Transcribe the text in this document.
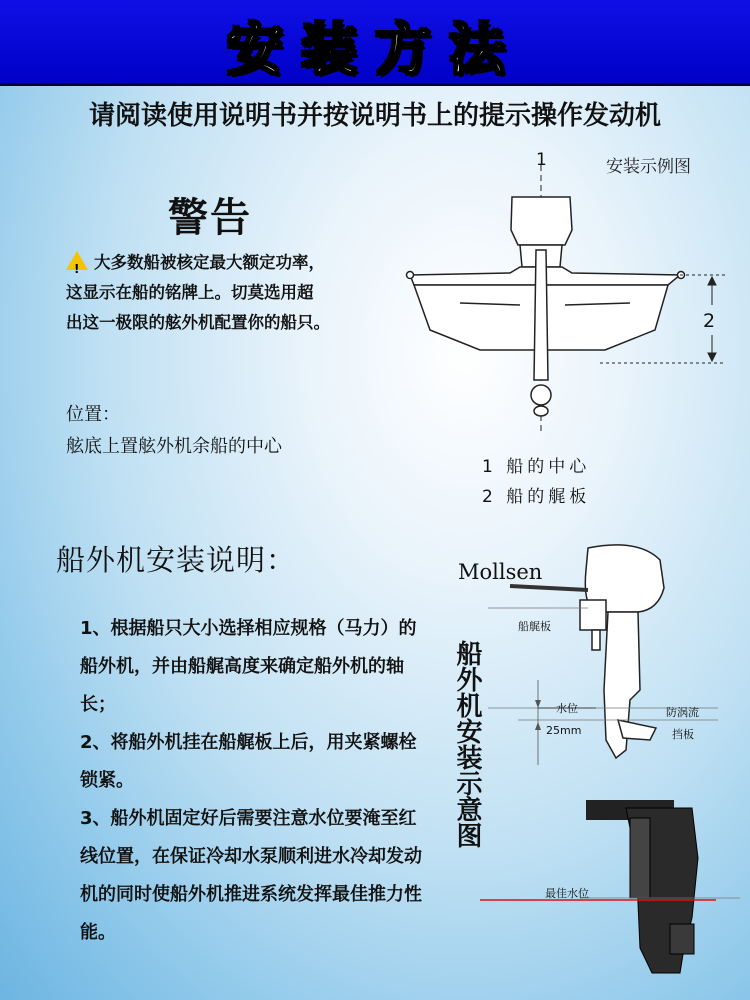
安装方法
请阅读使用说明书并按说明书上的提示操作发动机
警告
! 大多数船被核定最大额定功率，
这显示在船的铭牌上。切莫选用超
出这一极限的舷外机配置你的船只。
位置：
舷底上置舷外机余船的中心
安装示例图
1
2
1 船的中心
2 船的艉板
船外机安装说明：

1、根据船只大小选择相应规格（马力）的船外机，并由船艉高度来确定船外机的轴长；

2、将船外机挂在船艉板上后，用夹紧螺栓锁紧。

3、船外机固定好后需要注意水位要淹至红线位置，在保证冷却水泵顺利进水冷却发动机的同时使船外机推进系统发挥最佳推力性能。

船外机安装示意图
Mollsen
船艉板
水位	防涡流
挡板
25mm
最佳水位
